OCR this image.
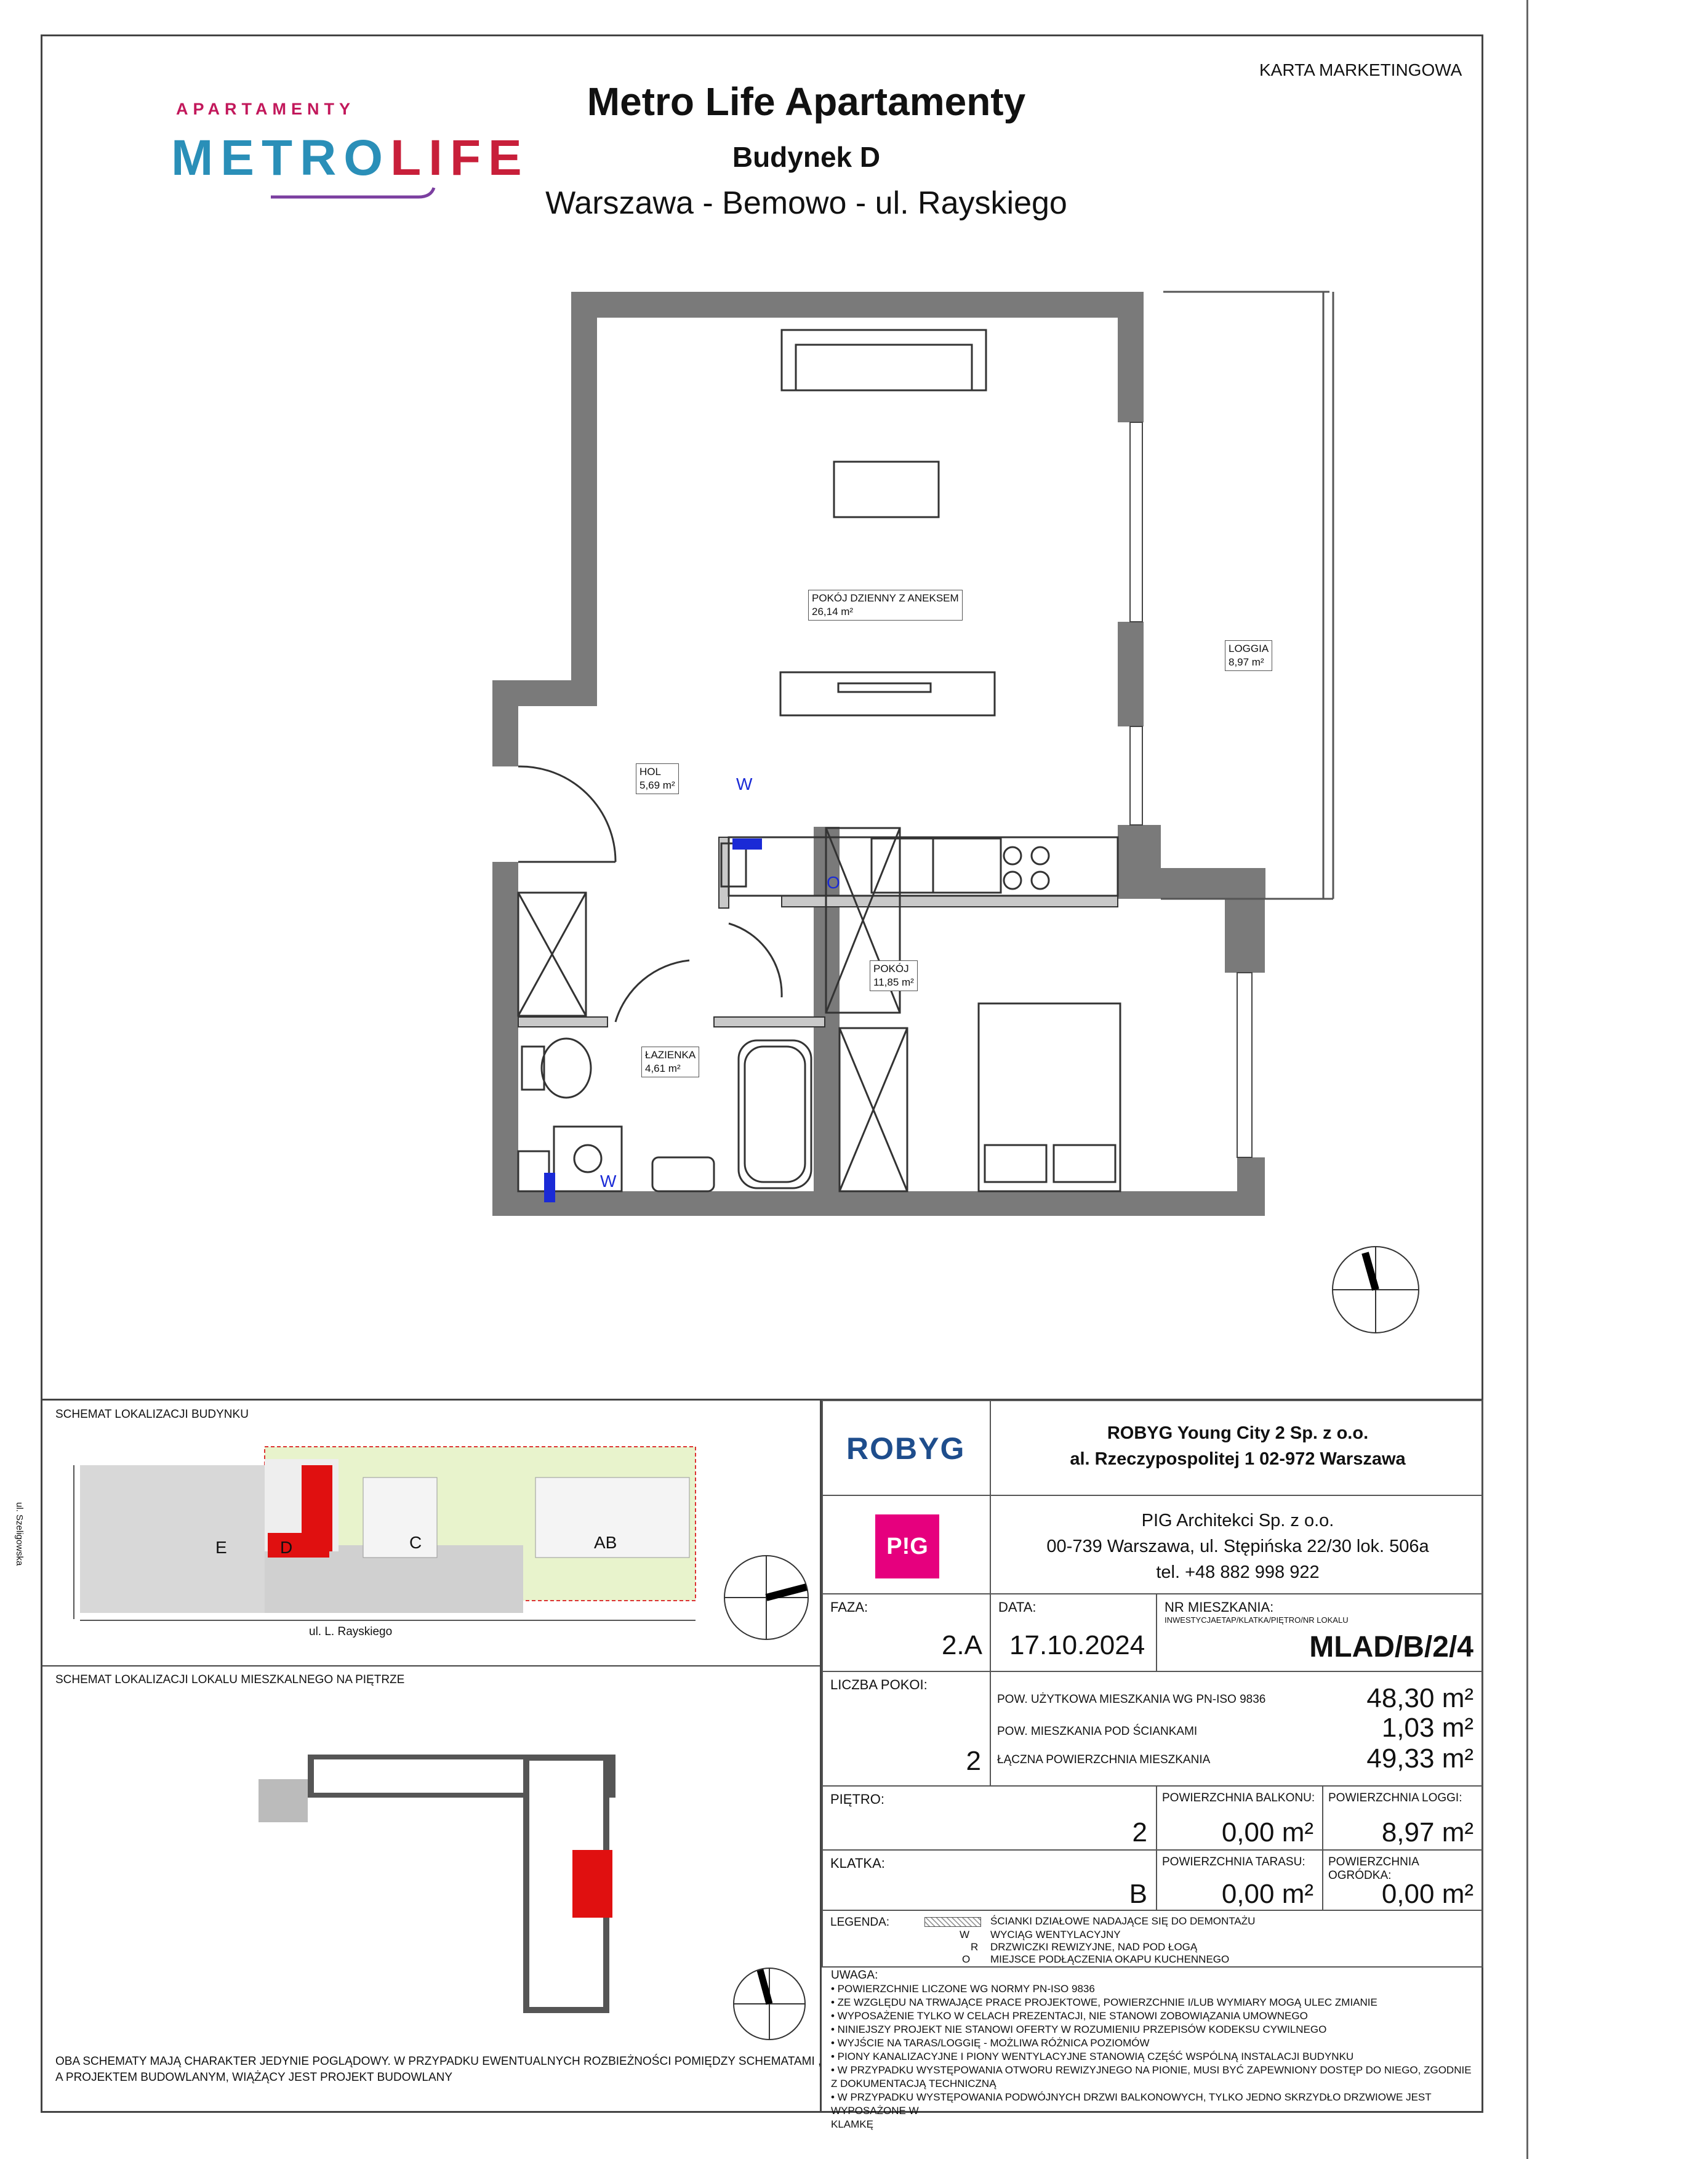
KARTA MARKETINGOWA
APARTAMENTY
METROLIFE
Metro Life Apartamenty
Budynek D
Warszawa - Bemowo - ul. Rayskiego
POKÓJ DZIENNY Z ANEKSEM
26,14 m²
LOGGIA
8,97 m²
HOL
5,69 m²
POKÓJ
11,85 m²
ŁAZIENKA
4,61 m²
W
O
W
SCHEMAT LOKALIZACJI BUDYNKU
E	D	C	AB
ul. L. Rayskiego
ul. Szeligowska
SCHEMAT LOKALIZACJI LOKALU MIESZKALNEGO NA PIĘTRZE
OBA SCHEMATY MAJĄ CHARAKTER JEDYNIE POGLĄDOWY. W PRZYPADKU EWENTUALNYCH ROZBIEŻNOŚCI POMIĘDZY SCHEMATAMI ,
A PROJEKTEM BUDOWLANYM, WIĄŻĄCY JEST PROJEKT BUDOWLANY
ROBYG	ROBYG Young City 2 Sp. z o.o.
al. Rzeczypospolitej 1 02-972 Warszawa
P!G
PIG Architekci Sp. z o.o.
00-739 Warszawa, ul. Stępińska 22/30 lok. 506a
tel. +48 882 998 922
FAZA:
2.A
DATA:
17.10.2024
NR MIESZKANIA:
INWESTYCJAETAP/KLATKA/PIĘTRO/NR LOKALU
MLAD/B/2/4
LICZBA POKOI:
2
POW. UŻYTKOWA MIESZKANIA WG PN-ISO 9836	48,30 m²
POW. MIESZKANIA POD ŚCIANKAMI	1,03 m²
ŁĄCZNA POWIERZCHNIA MIESZKANIA	49,33 m²
PIĘTRO:
2
POWIERZCHNIA BALKONU:
0,00 m²
POWIERZCHNIA LOGGI:
8,97 m²
KLATKA:
B
POWIERZCHNIA TARASU:
0,00 m²
POWIERZCHNIA OGRÓDKA:
0,00 m²
LEGENDA:	ŚCIANKI DZIAŁOWE NADAJĄCE SIĘ DO DEMONTAŻU
W WYCIĄG WENTYLACYJNY
R DRZWICZKI REWIZYJNE, NAD POD ŁOGĄ
O MIEJSCE PODŁĄCZENIA OKAPU KUCHENNEGO
UWAGA:
• POWIERZCHNIE LICZONE WG NORMY PN-ISO 9836
• ZE WZGLĘDU NA TRWAJĄCE PRACE PROJEKTOWE, POWIERZCHNIE I/LUB WYMIARY MOGĄ ULEC ZMIANIE
• WYPOSAŻENIE TYLKO W CELACH PREZENTACJI, NIE STANOWI ZOBOWIĄZANIA UMOWNEGO
• NINIEJSZY PROJEKT NIE STANOWI OFERTY W ROZUMIENIU PRZEPISÓW KODEKSU CYWILNEGO
• WYJŚCIE NA TARAS/LOGGIĘ - MOŻLIWA RÓŻNICA POZIOMÓW
• PIONY KANALIZACYJNE I PIONY WENTYLACYJNE STANOWIĄ CZĘŚĆ WSPÓLNĄ INSTALACJI BUDYNKU
• W PRZYPADKU WYSTĘPOWANIA OTWORU REWIZYJNEGO NA PIONIE, MUSI BYĆ ZAPEWNIONY DOSTĘP DO NIEGO, ZGODNIE
Z DOKUMENTACJĄ TECHNICZNĄ
• W PRZYPADKU WYSTĘPOWANIA PODWÓJNYCH DRZWI BALKONOWYCH, TYLKO JEDNO SKRZYDŁO DRZWIOWE JEST WYPOSAŻONE W
KLAMKĘ
